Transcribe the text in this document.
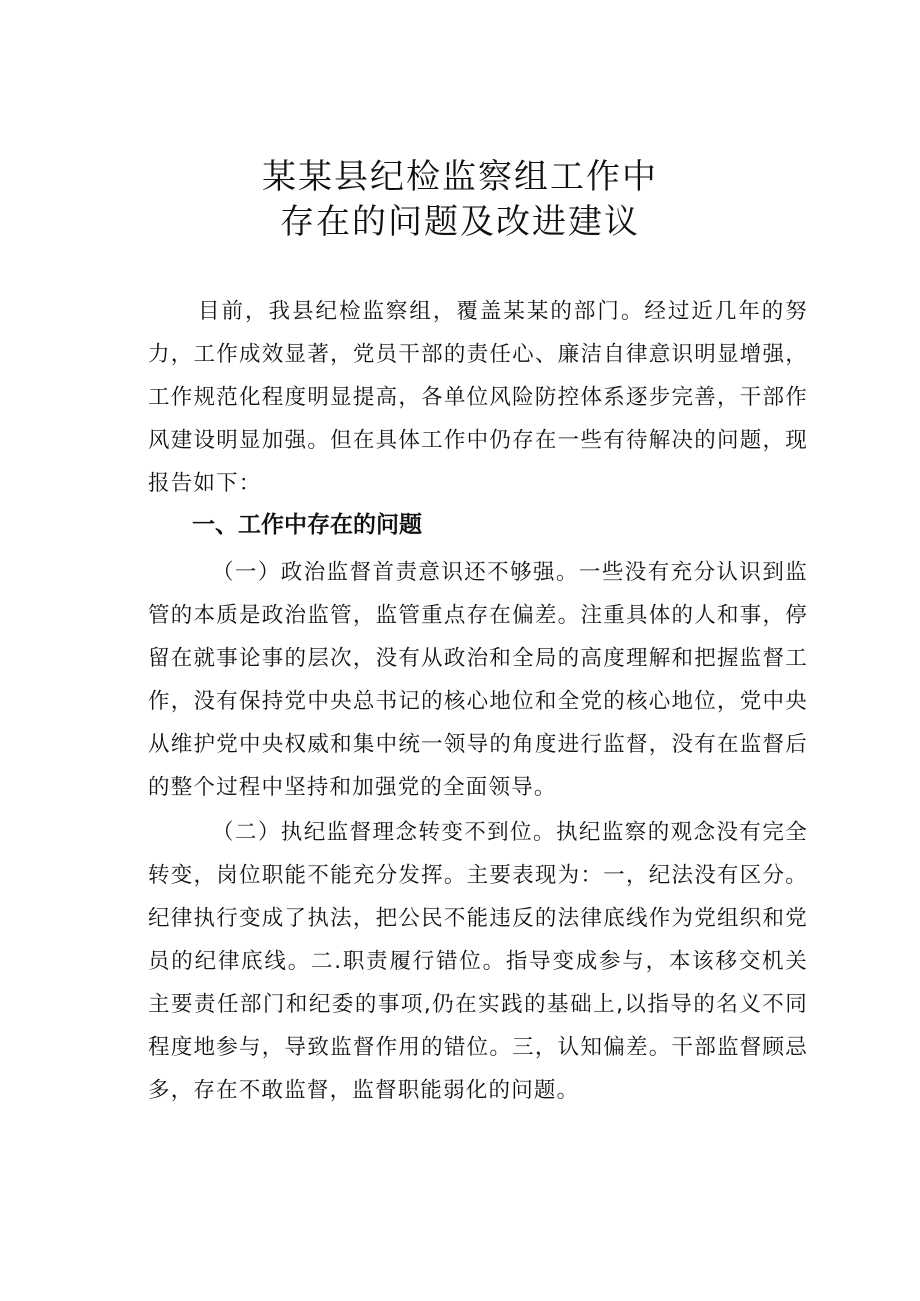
某某县纪检监察组工作中
存在的问题及改进建议

目前，我县纪检监察组，覆盖某某的部门。经过近几年的努力，工作成效显著，党员干部的责任心、廉洁自律意识明显增强，工作规范化程度明显提高，各单位风险防控体系逐步完善，干部作风建设明显加强。但在具体工作中仍存在一些有待解决的问题，现报告如下：

一、工作中存在的问题

（一）政治监督首责意识还不够强。一些没有充分认识到监管的本质是政治监管，监管重点存在偏差。注重具体的人和事，停留在就事论事的层次，没有从政治和全局的高度理解和把握监督工作，没有保持党中央总书记的核心地位和全党的核心地位，党中央从维护党中央权威和集中统一领导的角度进行监督，没有在监督后的整个过程中坚持和加强党的全面领导。

（二）执纪监督理念转变不到位。执纪监察的观念没有完全转变，岗位职能不能充分发挥。主要表现为：一，纪法没有区分。纪律执行变成了执法，把公民不能违反的法律底线作为党组织和党员的纪律底线。二.职责履行错位。指导变成参与，本该移交机关主要责任部门和纪委的事项,仍在实践的基础上,以指导的名义不同程度地参与，导致监督作用的错位。三，认知偏差。干部监督顾忌多，存在不敢监督，监督职能弱化的问题。
